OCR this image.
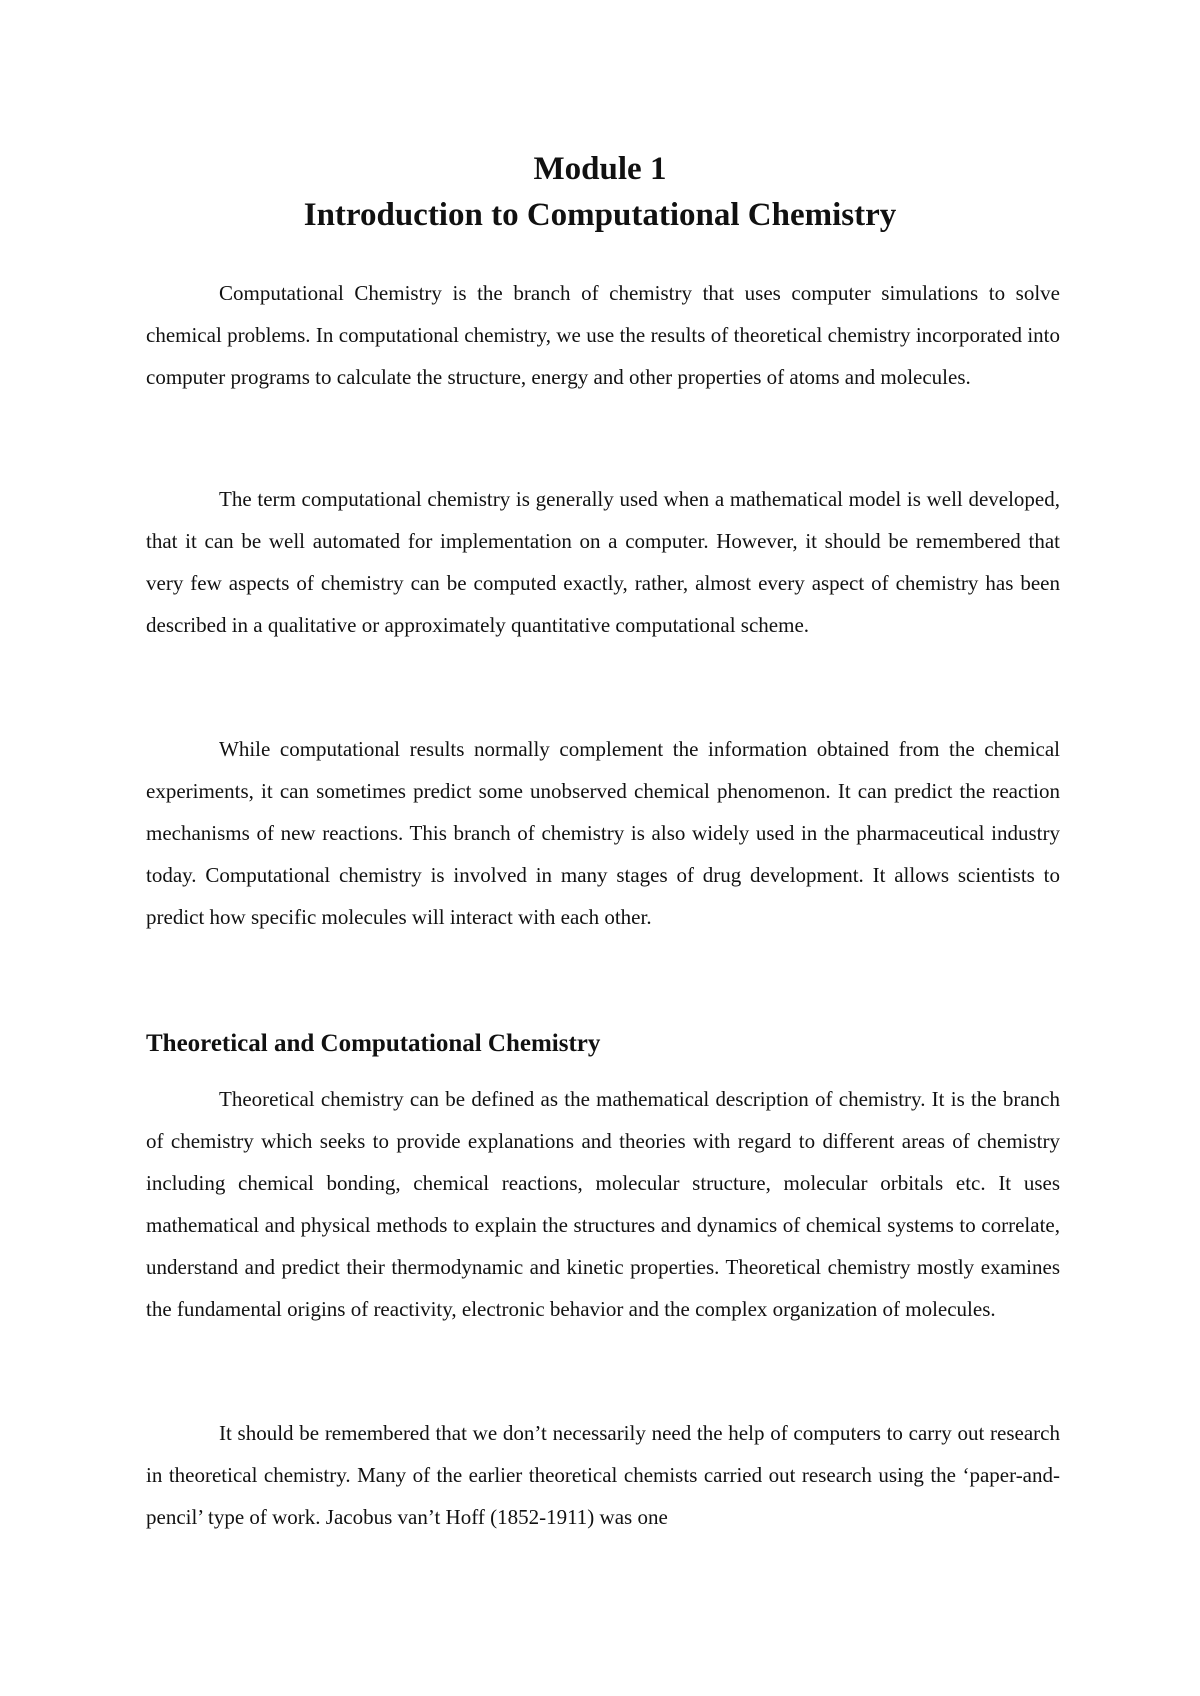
Module 1

Introduction to Computational Chemistry

Computational Chemistry is the branch of chemistry that uses computer simulations to solve chemical problems. In computational chemistry, we use the results of theoretical chemistry incorporated into computer programs to calculate the structure, energy and other properties of atoms and molecules.

The term computational chemistry is generally used when a mathematical model is well developed, that it can be well automated for implementation on a computer. However, it should be remembered that very few aspects of chemistry can be computed exactly, rather, almost every aspect of chemistry has been described in a qualitative or approximately quantitative computational scheme.

While computational results normally complement the information obtained from the chemical experiments, it can sometimes predict some unobserved chemical phenomenon. It can predict the reaction mechanisms of new reactions. This branch of chemistry is also widely used in the pharmaceutical industry today. Computational chemistry is involved in many stages of drug development. It allows scientists to predict how specific molecules will interact with each other.

Theoretical and Computational Chemistry

Theoretical chemistry can be defined as the mathematical description of chemistry. It is the branch of chemistry which seeks to provide explanations and theories with regard to different areas of chemistry including chemical bonding, chemical reactions, molecular structure, molecular orbitals etc. It uses mathematical and physical methods to explain the structures and dynamics of chemical systems to correlate, understand and predict their thermodynamic and kinetic properties. Theoretical chemistry mostly examines the fundamental origins of reactivity, electronic behavior and the complex organization of molecules.

It should be remembered that we don’t necessarily need the help of computers to carry out research in theoretical chemistry. Many of the earlier theoretical chemists carried out research using the ‘paper-and-pencil’ type of work. Jacobus van’t Hoff (1852-1911) was one
